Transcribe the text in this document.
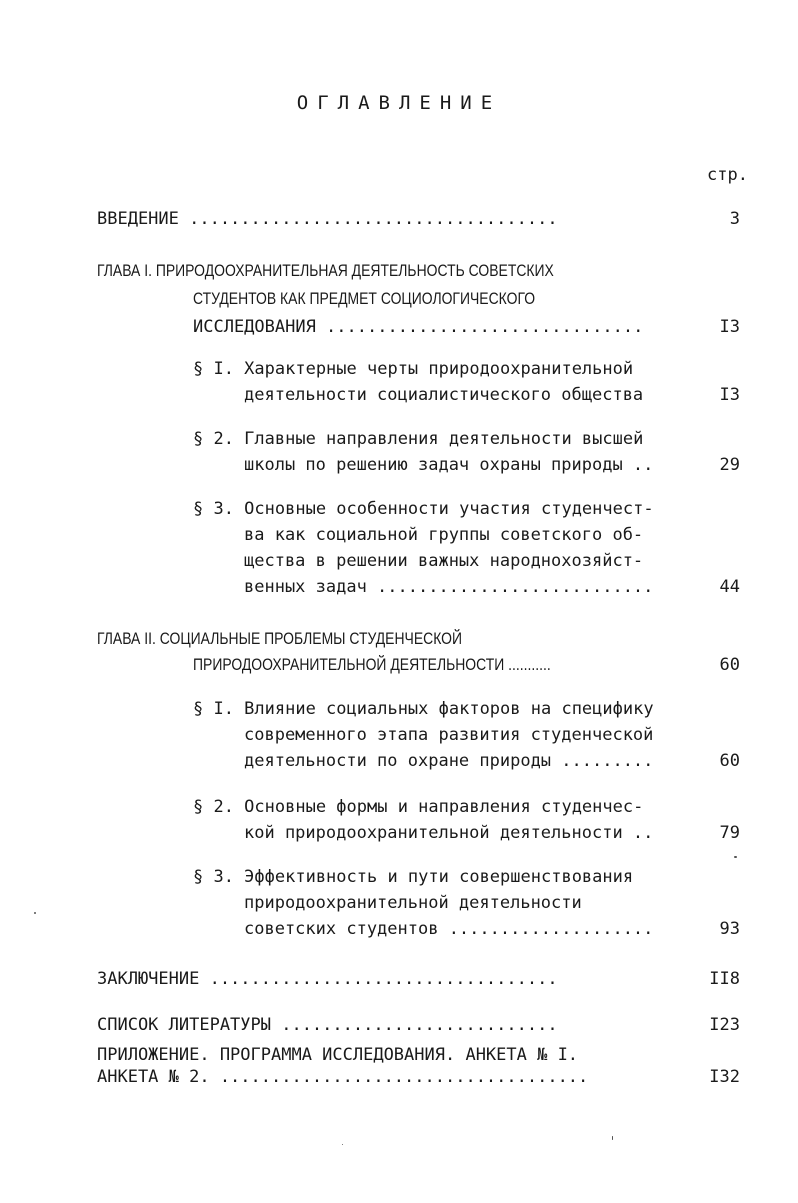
ОГЛАВЛЕНИЕ
стр.
ВВЕДЕНИЕ ....................................	3
ГЛАВА I. ПРИРОДООХРАНИТЕЛЬНАЯ ДЕЯТЕЛЬНОСТЬ СОВЕТСКИХ
СТУДЕНТОВ КАК ПРЕДМЕТ СОЦИОЛОГИЧЕСКОГО
ИССЛЕДОВАНИЯ ...............................	I3
§ I. Характерные черты природоохранительной
деятельности социалистического общества	I3
§ 2. Главные направления деятельности высшей
школы по решению задач охраны природы ..	29
§ 3. Основные особенности участия студенчест-
ва как социальной группы советского об-
щества в решении важных народнохозяйст-
венных задач ...........................	44
ГЛАВА II. СОЦИАЛЬНЫЕ ПРОБЛЕМЫ СТУДЕНЧЕСКОЙ
ПРИРОДООХРАНИТЕЛЬНОЙ ДЕЯТЕЛЬНОСТИ ...........	60
§ I. Влияние социальных факторов на специфику
современного этапа развития студенческой
деятельности по охране природы .........	60
§ 2. Основные формы и направления студенчес-
кой природоохранительной деятельности ..	79
§ 3. Эффективность и пути совершенствования
природоохранительной деятельности
советских студентов ....................	93
ЗАКЛЮЧЕНИЕ ..................................	II8
СПИСОК ЛИТЕРАТУРЫ ...........................	I23
ПРИЛОЖЕНИЕ. ПРОГРАММА ИССЛЕДОВАНИЯ. АНКЕТА № I.
АНКЕТА № 2. ....................................	I32
